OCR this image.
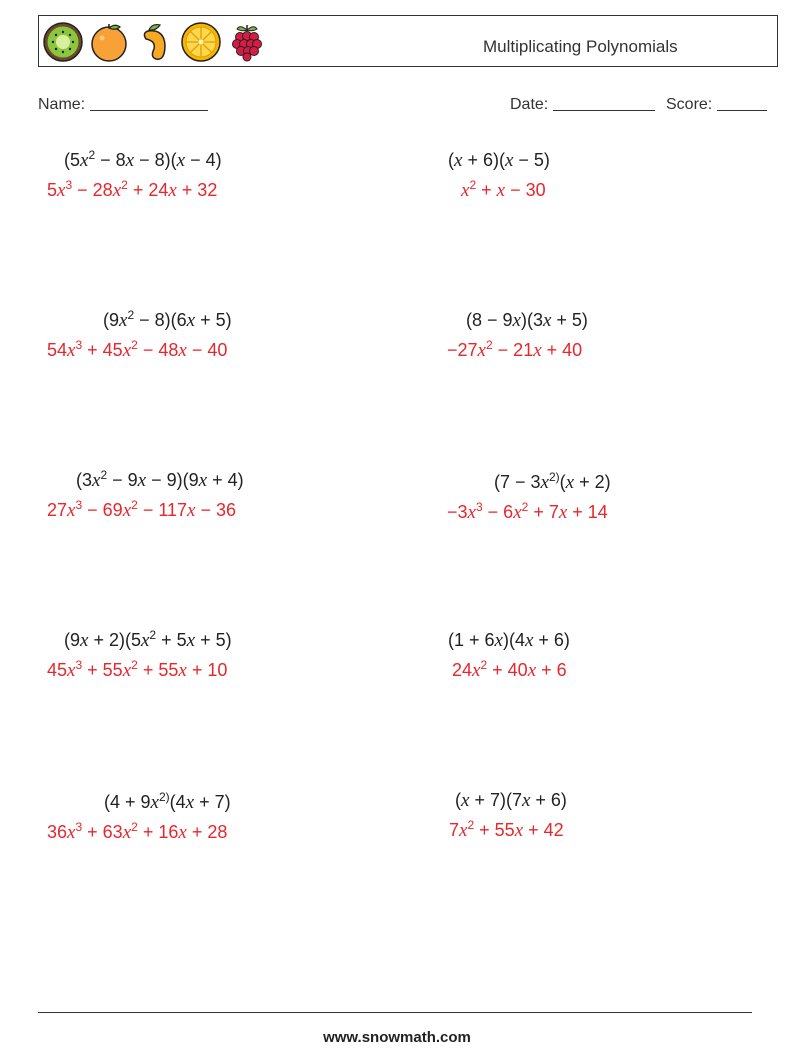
Multiplicating Polynomials
Name:	Date:	Score:
$(5x^2 - 8x - 8)(x - 4)$
$5x^3 - 28x^2 + 24x + 32$
(x + 6)(x − 5)
$x^2 + x - 30$
$(9x^2 - 8)(6x + 5)$
$54x^3 + 45x^2 - 48x - 40$
(8 − 9x)(3x + 5)
$-27x^2 - 21x + 40$
$(3x^2 - 9x - 9)(9x + 4)$
$27x^3 - 69x^2 - 117x - 36$
($7 - 3x^{2)}(x + 2)$
$-3x^3 - 6x^2 + 7x + 14$
$(9x + 2)(5x^2 + 5x + 5)$
$45x^3 + 55x^2 + 55x + 10$
(1 + 6x)(4x + 6)
$24x^2 + 40x + 6$
($4 + 9x^{2)}(4x + 7)$
$36x^3 + 63x^2 + 16x + 28$
(x + 7)(7x + 6)
$7x^2 + 55x + 42$
www.snowmath.com
